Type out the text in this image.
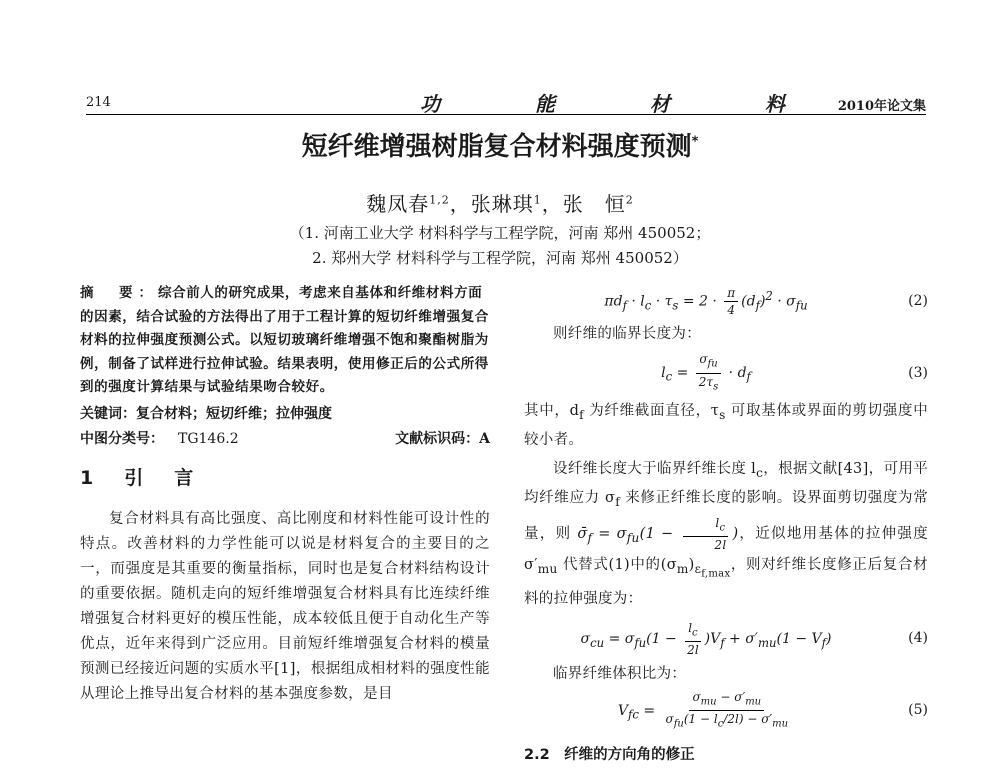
214	功 能 材 料 2010年论文集
短纤维增强树脂复合材料强度预测*
魏凤春$^{1,2}$，张琳琪$^1$，张　恒$^2$
（1. 河南工业大学 材料科学与工程学院，河南 郑州 450052；
2. 郑州大学 材料科学与工程学院，河南 郑州 450052）
摘　要：综合前人的研究成果，考虑来自基体和纤维材料方面的因素，结合试验的方法得出了用于工程计算的短切纤维增强复合材料的拉伸强度预测公式。以短切玻璃纤维增强不饱和聚酯树脂为例，制备了试样进行拉伸试验。结果表明，使用修正后的公式所得到的强度计算结果与试验结果吻合较好。
关键词：复合材料；短切纤维；拉伸强度
中图分类号： TG146.2	文献标识码：A
1　引　言
复合材料具有高比强度、高比刚度和材料性能可设计性的特点。改善材料的力学性能可以说是材料复合的主要目的之一，而强度是其重要的衡量指标，同时也是复合材料结构设计的重要依据。随机走向的短纤维增强复合材料具有比连续纤维增强复合材料更好的模压性能，成本较低且便于自动化生产等优点，近年来得到广泛应用。目前短纤维增强复合材料的模量预测已经接近问题的实质水平[1]，根据组成相材料的强度性能从理论上推导出复合材料的基本强度参数，是目
$\pi d_f \cdot l_c \cdot \tau_s = 2 \cdot \frac{\pi}{4} (d_f)^2 \cdot \sigma_{fu}$	(2)
则纤维的临界长度为：
$l_c = \frac{\sigma_{fu}}{2\tau_s} \cdot d_f$	(3)
其中，$d_f$ 为纤维截面直径，$\tau_s$ 可取基体或界面的剪切强度中较小者。
设纤维长度大于临界纤维长度 $l_c$，根据文献[43]，可用平均纤维应力 $\sigma_f$ 来修正纤维长度的影响。设界面剪切强度为常量，则 $\sigmā_f = \sigma_{fu}(1 - \frac{l_c}{2l}$ )，近似地用基体的拉伸强度 $\sigma'_{mu}$ 代替式(1)中的$(\sigma_m)_{\varepsilon_{f,max}}$，则对纤维长度修正后复合材料的拉伸强度为：
$\sigma_{cu} = \sigma_{fu}(1 - \frac{l_c}{2l} )V_f + \sigma'_{mu}(1 - V_f)$	(4)
临界纤维体积比为：
$V_{fc} = \frac{\sigma_{mu} - \sigma'_{mu}}{\sigma_{fu}(1 - l_c/2l) - \sigma'_{mu}}$	(5)
2.2　纤维的方向角的修正
